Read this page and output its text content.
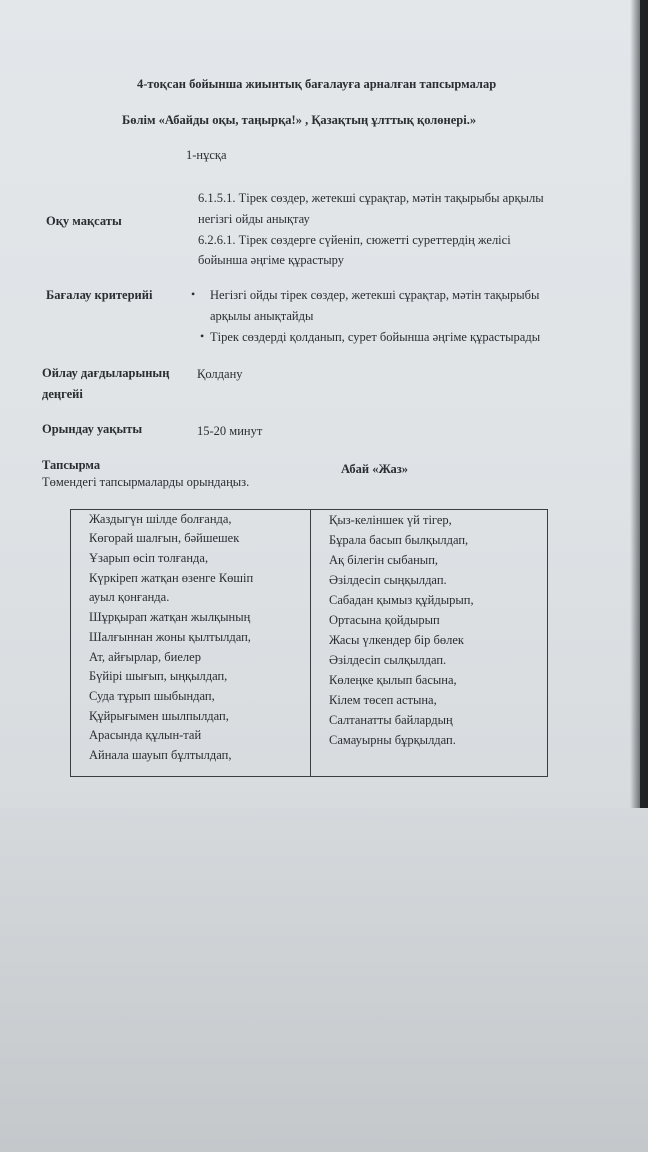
4-тоқсан бойынша жиынтық бағалауға арналған тапсырмалар
Бөлім «Абайды оқы, таңырқа!» , Қазақтың ұлттық қолөнері.»
1-нұсқа
Оқу мақсаты
6.1.5.1. Тірек сөздер, жетекші сұрақтар, мәтін тақырыбы арқылы
негізгі ойды анықтау
6.2.6.1. Тірек сөздерге сүйеніп, сюжетті суреттердің желісі
бойынша әңгіме құрастыру
Бағалау критерийі	• Негізгі ойды тірек сөздер, жетекші сұрақтар, мәтін тақырыбы
арқылы анықтайды
• Тірек сөздерді қолданып, сурет бойынша әңгіме құрастырады
Ойлау дағдыларының
деңгейі
Қолдану
Орындау уақыты	15-20 минут
Тапсырма
Төмендегі тапсырмаларды орындаңыз.
Абай «Жаз»
Жаздыгүн шілде болғанда,
Көгорай шалғын, бәйшешек
Ұзарып өсіп толғанда,
Күркіреп жатқан өзенге Көшіп
ауыл қонғанда.
Шұрқырап жатқан жылқының
Шалғыннан жоны қылтылдап,
Ат, айғырлар, биелер
Бүйірі шығып, ыңқылдап,
Суда тұрып шыбындап,
Құйрығымен шылпылдап,
Арасында құлын-тай
Айнала шауып бұлтылдап,
Қыз-келіншек үй тігер,
Бұрала басып былқылдап,
Ақ білегін сыбанып,
Әзілдесіп сыңқылдап.
Сабадан қымыз құйдырып,
Ортасына қойдырып
Жасы үлкендер бір бөлек
Әзілдесіп сылқылдап.
Көлеңке қылып басына,
Кілем төсеп астына,
Салтанатты байлардың
Самауырны бұрқылдап.
